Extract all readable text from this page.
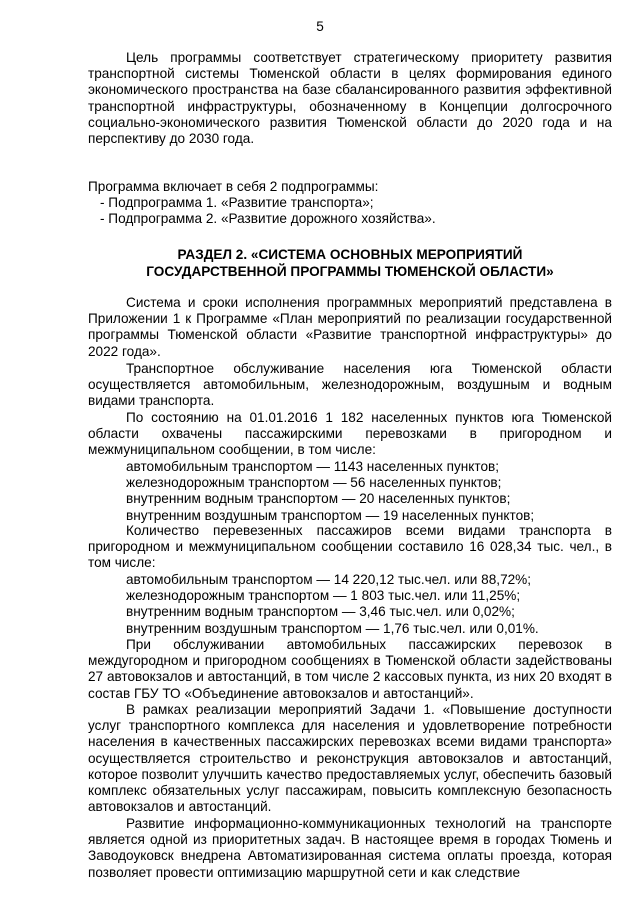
5

Цель программы соответствует стратегическому приоритету развития транспортной системы Тюменской области в целях формирования единого экономического пространства на базе сбалансированного развития эффективной транспортной инфраструктуры, обозначенному в Концепции долгосрочного социально-экономического развития Тюменской области до 2020 года и на перспективу до 2030 года.

Программа включает в себя 2 подпрограммы:
- Подпрограмма 1. «Развитие транспорта»;
- Подпрограмма 2. «Развитие дорожного хозяйства».
РАЗДЕЛ 2. «СИСТЕМА ОСНОВНЫХ МЕРОПРИЯТИЙ
ГОСУДАРСТВЕННОЙ ПРОГРАММЫ ТЮМЕНСКОЙ ОБЛАСТИ»

Система и сроки исполнения программных мероприятий представлена в Приложении 1 к Программе «План мероприятий по реализации государственной программы Тюменской области «Развитие транспортной инфраструктуры» до 2022 года».

Транспортное обслуживание населения юга Тюменской области осуществляется автомобильным, железнодорожным, воздушным и водным видами транспорта.

По состоянию на 01.01.2016 1 182 населенных пунктов юга Тюменской области охвачены пассажирскими перевозками в пригородном и межмуниципальном сообщении, в том числе:

автомобильным транспортом — 1143 населенных пунктов;
железнодорожным транспортом — 56 населенных пунктов;
внутренним водным транспортом — 20 населенных пунктов;
внутренним воздушным транспортом — 19 населенных пунктов;

Количество перевезенных пассажиров всеми видами транспорта в пригородном и межмуниципальном сообщении составило 16 028,34 тыс. чел., в том числе:

автомобильным транспортом — 14 220,12 тыс.чел. или 88,72%;
железнодорожным транспортом — 1 803 тыс.чел. или 11,25%;
внутренним водным транспортом — 3,46 тыс.чел. или 0,02%;
внутренним воздушным транспортом — 1,76 тыс.чел. или 0,01%.

При обслуживании автомобильных пассажирских перевозок в междугородном и пригородном сообщениях в Тюменской области задействованы 27 автовокзалов и автостанций, в том числе 2 кассовых пункта, из них 20 входят в состав ГБУ ТО «Объединение автовокзалов и автостанций».

В рамках реализации мероприятий Задачи 1. «Повышение доступности услуг транспортного комплекса для населения и удовлетворение потребности населения в качественных пассажирских перевозках всеми видами транспорта» осуществляется строительство и реконструкция автовокзалов и автостанций, которое позволит улучшить качество предоставляемых услуг, обеспечить базовый комплекс обязательных услуг пассажирам, повысить комплексную безопасность автовокзалов и автостанций.

Развитие информационно-коммуникационных технологий на транспорте является одной из приоритетных задач. В настоящее время в городах Тюмень и Заводоуковск внедрена Автоматизированная система оплаты проезда, которая позволяет провести оптимизацию маршрутной сети и как следствие
